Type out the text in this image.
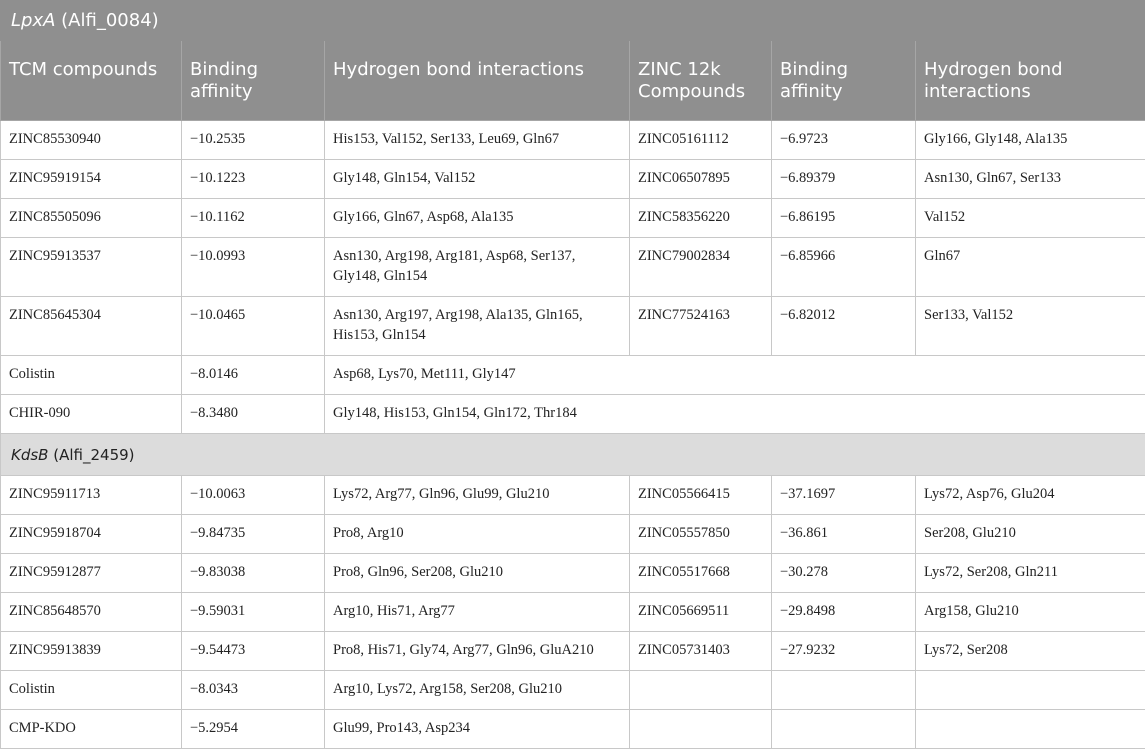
LpxA (Alfi_0084)					
TCM compounds	Binding affinity	Hydrogen bond interactions	ZINC 12k Compounds	Binding affinity	Hydrogen bond interactions
ZINC85530940	−10.2535	His153, Val152, Ser133, Leu69, Gln67	ZINC05161112	−6.9723	Gly166, Gly148, Ala135
ZINC95919154	−10.1223	Gly148, Gln154, Val152	ZINC06507895	−6.89379	Asn130, Gln67, Ser133
ZINC85505096	−10.1162	Gly166, Gln67, Asp68, Ala135	ZINC58356220	−6.86195	Val152
ZINC95913537	−10.0993	Asn130, Arg198, Arg181, Asp68, Ser137, Gly148, Gln154	ZINC79002834	−6.85966	Gln67
ZINC85645304	−10.0465	Asn130, Arg197, Arg198, Ala135, Gln165, His153, Gln154	ZINC77524163	−6.82012	Ser133, Val152
Colistin	−8.0146	Asp68, Lys70, Met111, Gly147		
CHIR-090	−8.3480	Gly148, His153, Gln154, Gln172, Thr184		
KdsB (Alfi_2459)					
ZINC95911713	−10.0063	Lys72, Arg77, Gln96, Glu99, Glu210	ZINC05566415	−37.1697	Lys72, Asp76, Glu204
ZINC95918704	−9.84735	Pro8, Arg10	ZINC05557850	−36.861	Ser208, Glu210
ZINC95912877	−9.83038	Pro8, Gln96, Ser208, Glu210	ZINC05517668	−30.278	Lys72, Ser208, Gln211
ZINC85648570	−9.59031	Arg10, His71, Arg77	ZINC05669511	−29.8498	Arg158, Glu210
ZINC95913839	−9.54473	Pro8, His71, Gly74, Arg77, Gln96, GluA210	ZINC05731403	−27.9232	Lys72, Ser208
Colistin	−8.0343	Arg10, Lys72, Arg158, Ser208, Glu210			
CMP-KDO	−5.2954	Glu99, Pro143, Asp234			
